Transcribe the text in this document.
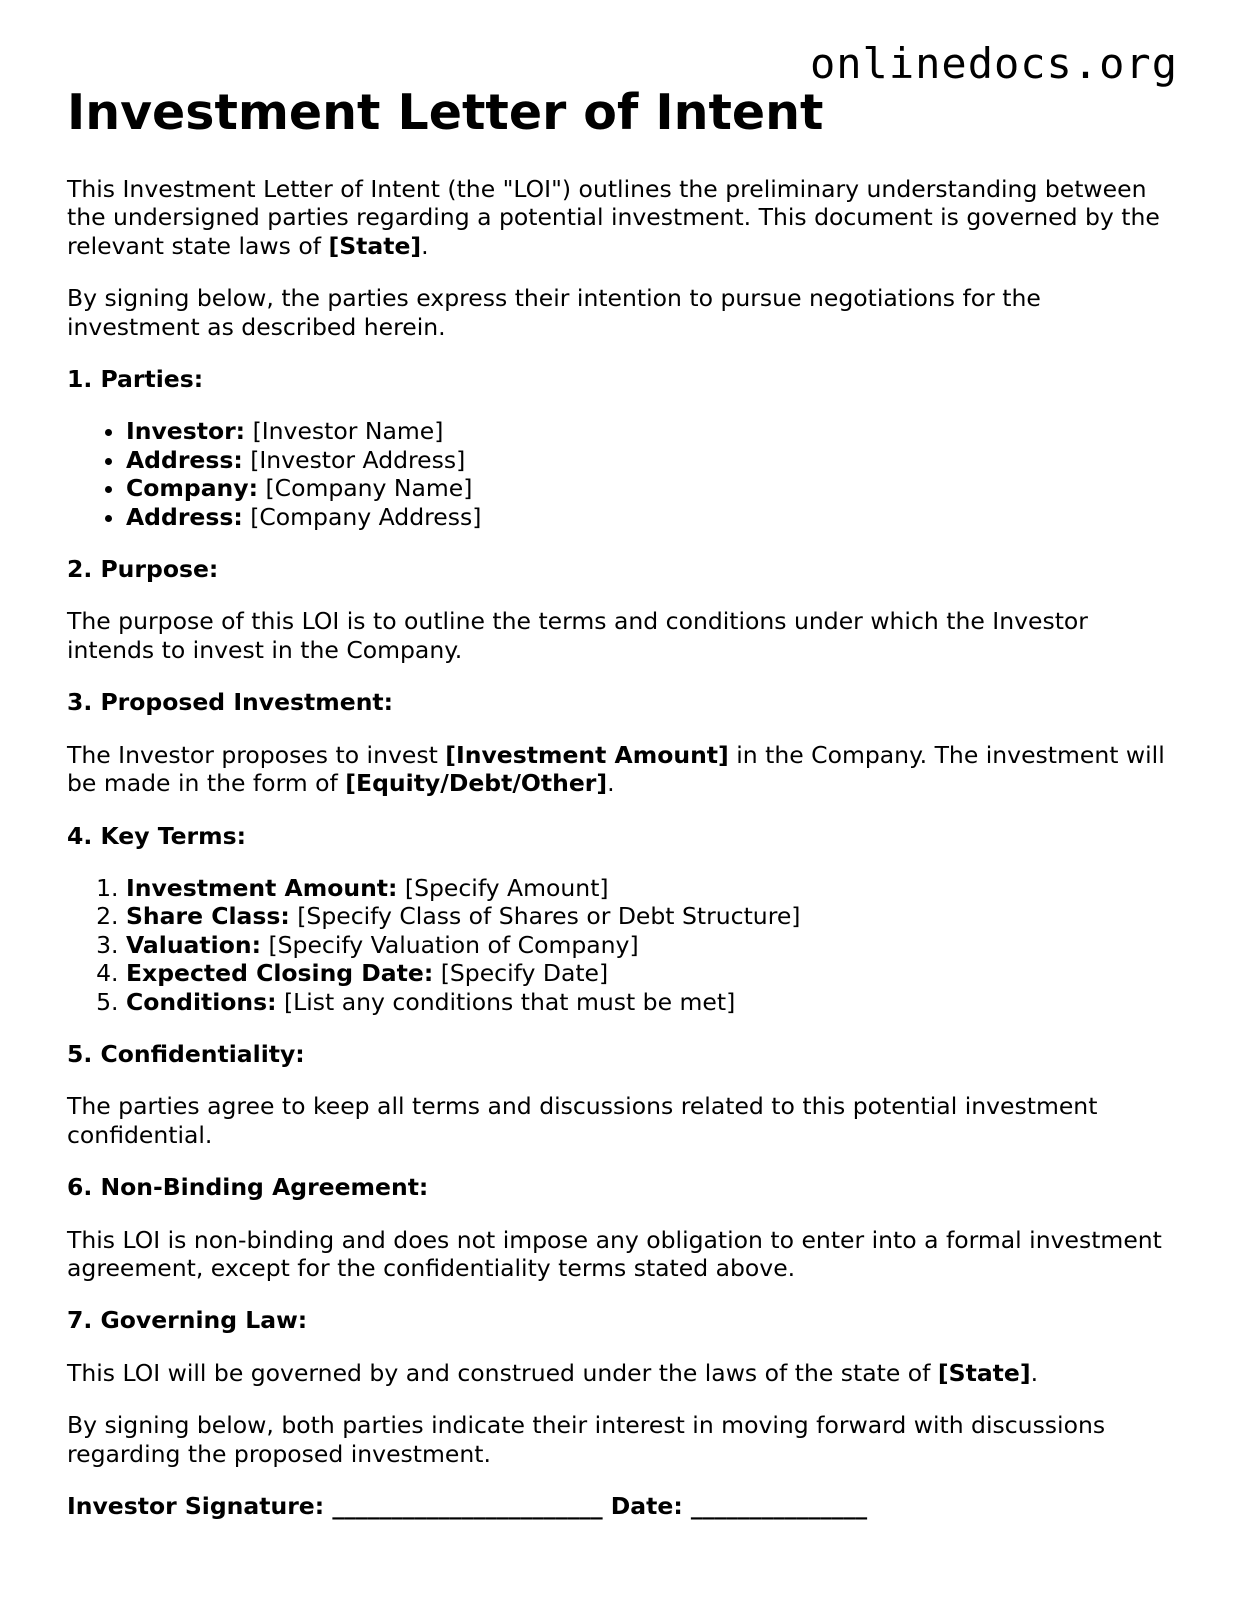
onlinedocs.org
Investment Letter of Intent

This Investment Letter of Intent (the "LOI") outlines the preliminary understanding between the undersigned parties regarding a potential investment. This document is governed by the relevant state laws of [State].

By signing below, the parties express their intention to pursue negotiations for the investment as described herein.

1. Parties:
• Investor: [Investor Name]
• Address: [Investor Address]
• Company: [Company Name]
• Address: [Company Address]
2. Purpose:

The purpose of this LOI is to outline the terms and conditions under which the Investor intends to invest in the Company.

3. Proposed Investment:

The Investor proposes to invest [Investment Amount] in the Company. The investment will be made in the form of [Equity/Debt/Other].

4. Key Terms:
1. Investment Amount: [Specify Amount]
2. Share Class: [Specify Class of Shares or Debt Structure]
3. Valuation: [Specify Valuation of Company]
4. Expected Closing Date: [Specify Date]
5. Conditions: [List any conditions that must be met]
5. Confidentiality:

The parties agree to keep all terms and discussions related to this potential investment confidential.

6. Non-Binding Agreement:

This LOI is non-binding and does not impose any obligation to enter into a formal investment agreement, except for the confidentiality terms stated above.

7. Governing Law:

This LOI will be governed by and construed under the laws of the state of [State].

By signing below, both parties indicate their interest in moving forward with discussions regarding the proposed investment.

Investor Signature: _______________________ Date: _______________
